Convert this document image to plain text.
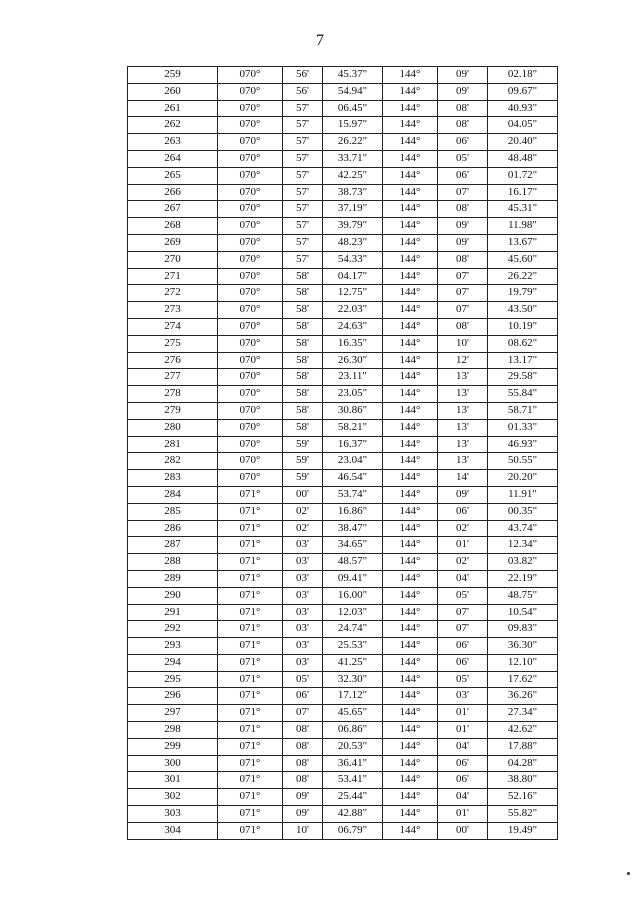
7
259	070°	56'	45.37"	144°	09'	02.18"
260	070°	56'	54.94"	144°	09'	09.67"
261	070°	57'	06.45"	144°	08'	40.93"
262	070°	57'	15.97"	144°	08'	04.05"
263	070°	57'	26.22"	144°	06'	20.40"
264	070°	57'	33.71"	144°	05'	48.48"
265	070°	57'	42.25"	144°	06'	01.72"
266	070°	57'	38.73"	144°	07'	16.17"
267	070°	57'	37.19"	144°	08'	45.31"
268	070°	57'	39.79"	144°	09'	11.98"
269	070°	57'	48.23"	144°	09'	13.67"
270	070°	57'	54.33"	144°	08'	45.60"
271	070°	58'	04.17"	144°	07'	26.22"
272	070°	58'	12.75"	144°	07'	19.79"
273	070°	58'	22.03"	144°	07'	43.50"
274	070°	58'	24.63"	144°	08'	10.19"
275	070°	58'	16.35"	144°	10'	08.62"
276	070°	58'	26.30"	144°	12'	13.17"
277	070°	58'	23.11"	144°	13'	29.58"
278	070°	58'	23.05"	144°	13'	55.84"
279	070°	58'	30.86"	144°	13'	58.71"
280	070°	58'	58.21"	144°	13'	01.33"
281	070°	59'	16.37"	144°	13'	46.93"
282	070°	59'	23.04"	144°	13'	50.55"
283	070°	59'	46.54"	144°	14'	20.20"
284	071°	00'	53.74"	144°	09'	11.91"
285	071°	02'	16.86"	144°	06'	00.35"
286	071°	02'	38.47"	144°	02'	43.74"
287	071°	03'	34.65"	144°	01'	12.34"
288	071°	03'	48.57"	144°	02'	03.82"
289	071°	03'	09.41"	144°	04'	22.19"
290	071°	03'	16.00"	144°	05'	48.75"
291	071°	03'	12.03"	144°	07'	10.54"
292	071°	03'	24.74"	144°	07'	09.83"
293	071°	03'	25.53"	144°	06'	36.30"
294	071°	03'	41.25"	144°	06'	12.10"
295	071°	05'	32.30"	144°	05'	17.62"
296	071°	06'	17.12"	144°	03'	36.26"
297	071°	07'	45.65"	144°	01'	27.34"
298	071°	08'	06.86"	144°	01'	42.62"
299	071°	08'	20.53"	144°	04'	17.88"
300	071°	08'	36.41"	144°	06'	04.28"
301	071°	08'	53.41"	144°	06'	38.80"
302	071°	09'	25.44"	144°	04'	52.16"
303	071°	09'	42.88"	144°	01'	55.82"
304	071°	10'	06.79"	144°	00'	19.49"
